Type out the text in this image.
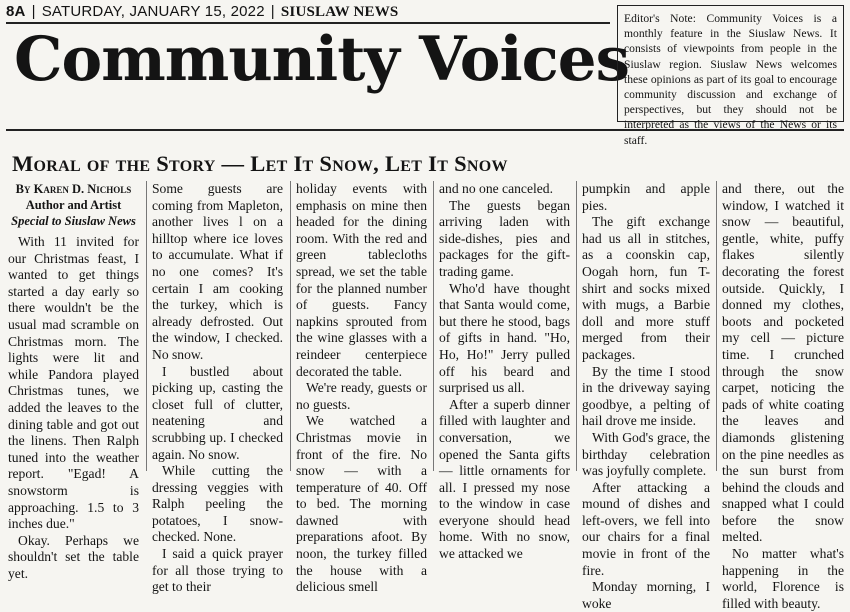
8A | SATURDAY, JANUARY 15, 2022 | SIUSLAW NEWS
Community Voices
Editor's Note: Community Voices is a monthly feature in the Siuslaw News. It consists of viewpoints from people in the Siuslaw region. Siuslaw News welcomes these opinions as part of its goal to encourage community discussion and exchange of perspectives, but they should not be interpreted as the views of the News or its staff.
Moral of the Story — Let It Snow, Let It Snow
By Karen D. Nichols
Author and Artist
Special to Siuslaw News

With 11 invited for our Christmas feast, I wanted to get things started a day early so there wouldn't be the usual mad scramble on Christmas morn. The lights were lit and while Pandora played Christmas tunes, we added the leaves to the dining table and got out the linens. Then Ralph tuned into the weather report. "Egad! A snowstorm is approaching. 1.5 to 3 inches due."

Okay. Perhaps we shouldn't set the table yet.

Some guests are coming from Mapleton, another lives l on a hilltop where ice loves to accumulate. What if no one comes? It's certain I am cooking the turkey, which is already defrosted. Out the window, I checked. No snow.

I bustled about picking up, casting the closet full of clutter, neatening and scrubbing up. I checked again. No snow.

While cutting the dressing veggies with Ralph peeling the potatoes, I snow-checked. None.

I said a quick prayer for all those trying to get to their

holiday events with emphasis on mine then headed for the dining room. With the red and green tablecloths spread, we set the table for the planned number of guests. Fancy napkins sprouted from the wine glasses with a reindeer centerpiece decorated the table.

We're ready, guests or no guests.

We watched a Christmas movie in front of the fire. No snow — with a temperature of 40. Off to bed. The morning dawned with preparations afoot. By noon, the turkey filled the house with a delicious smell

and no one canceled.

The guests began arriving laden with side-dishes, pies and packages for the gift-trading game.

Who'd have thought that Santa would come, but there he stood, bags of gifts in hand. "Ho, Ho, Ho!" Jerry pulled off his beard and surprised us all.

After a superb dinner filled with laughter and conversation, we opened the Santa gifts — little ornaments for all. I pressed my nose to the window in case everyone should head home. With no snow, we attacked we

pumpkin and apple pies.

The gift exchange had us all in stitches, as a coonskin cap, Oogah horn, fun T-shirt and socks mixed with mugs, a Barbie doll and more stuff merged from their packages.

By the time I stood in the driveway saying goodbye, a pelting of hail drove me inside.

With God's grace, the birthday celebration was joyfully complete.

After attacking a mound of dishes and left-overs, we fell into our chairs for a final movie in front of the fire.

Monday morning, I woke

and there, out the window, I watched it snow — beautiful, gentle, white, puffy flakes silently decorating the forest outside. Quickly, I donned my clothes, boots and pocketed my cell — picture time. I crunched through the snow carpet, noticing the pads of white coating the leaves and diamonds glistening on the pine needles as the sun burst from behind the clouds and snapped what I could before the snow melted.

No matter what's happening in the world, Florence is filled with beauty.
